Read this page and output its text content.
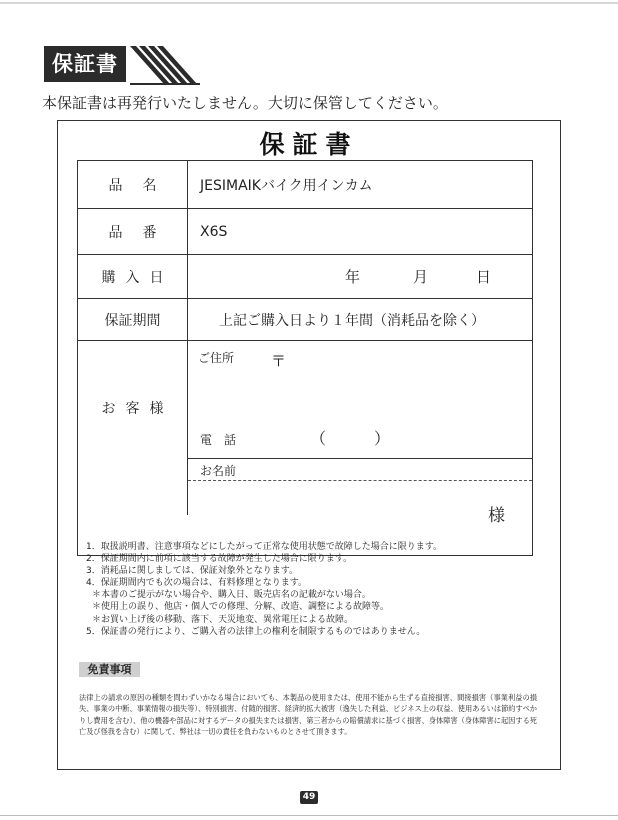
保証書
本保証書は再発行いたしません。大切に保管してください。
保証書
品名	JESIMAIKバイク用インカム
品番	X6S
購入日	年	月	日
保証期間	上記ご購入日より１年間（消耗品を除く）
お客様
ご住所 〒
電　話	（	）
お名前
様
1．取扱説明書、注意事項などにしたがって正常な使用状態で故障した場合に限ります。
2．保証期間内に前項に該当する故障が発生した場合に限ります。
3．消耗品に関しましては、保証対象外となります。
4．保証期間内でも次の場合は、有料修理となります。
＊本書のご提示がない場合や、購入日、販売店名の記載がない場合。
＊使用上の誤り、他店・個人での修理、分解、改造、調整による故障等。
＊お買い上げ後の移動、落下、天災地変、異常電圧による故障。
5．保証書の発行により、ご購入者の法律上の権利を制限するものではありません。
免責事項
法律上の請求の原因の種類を問わずいかなる場合においても、本製品の使用または、使用不能から生ずる直接損害、間接損害（事業利益の損失、事業の中断、事業情報の損失等）、特別損害、付随的損害、経済的拡大被害（逸失した利益、ビジネス上の収益、使用あるいは節約すべかりし費用を含む）、他の機器や部品に対するデータの損失または損害、第三者からの賠償請求に基づく損害、身体障害（身体障害に起因する死亡及び怪我を含む）に関して、弊社は一切の責任を負わないものとさせて頂きます。
49
